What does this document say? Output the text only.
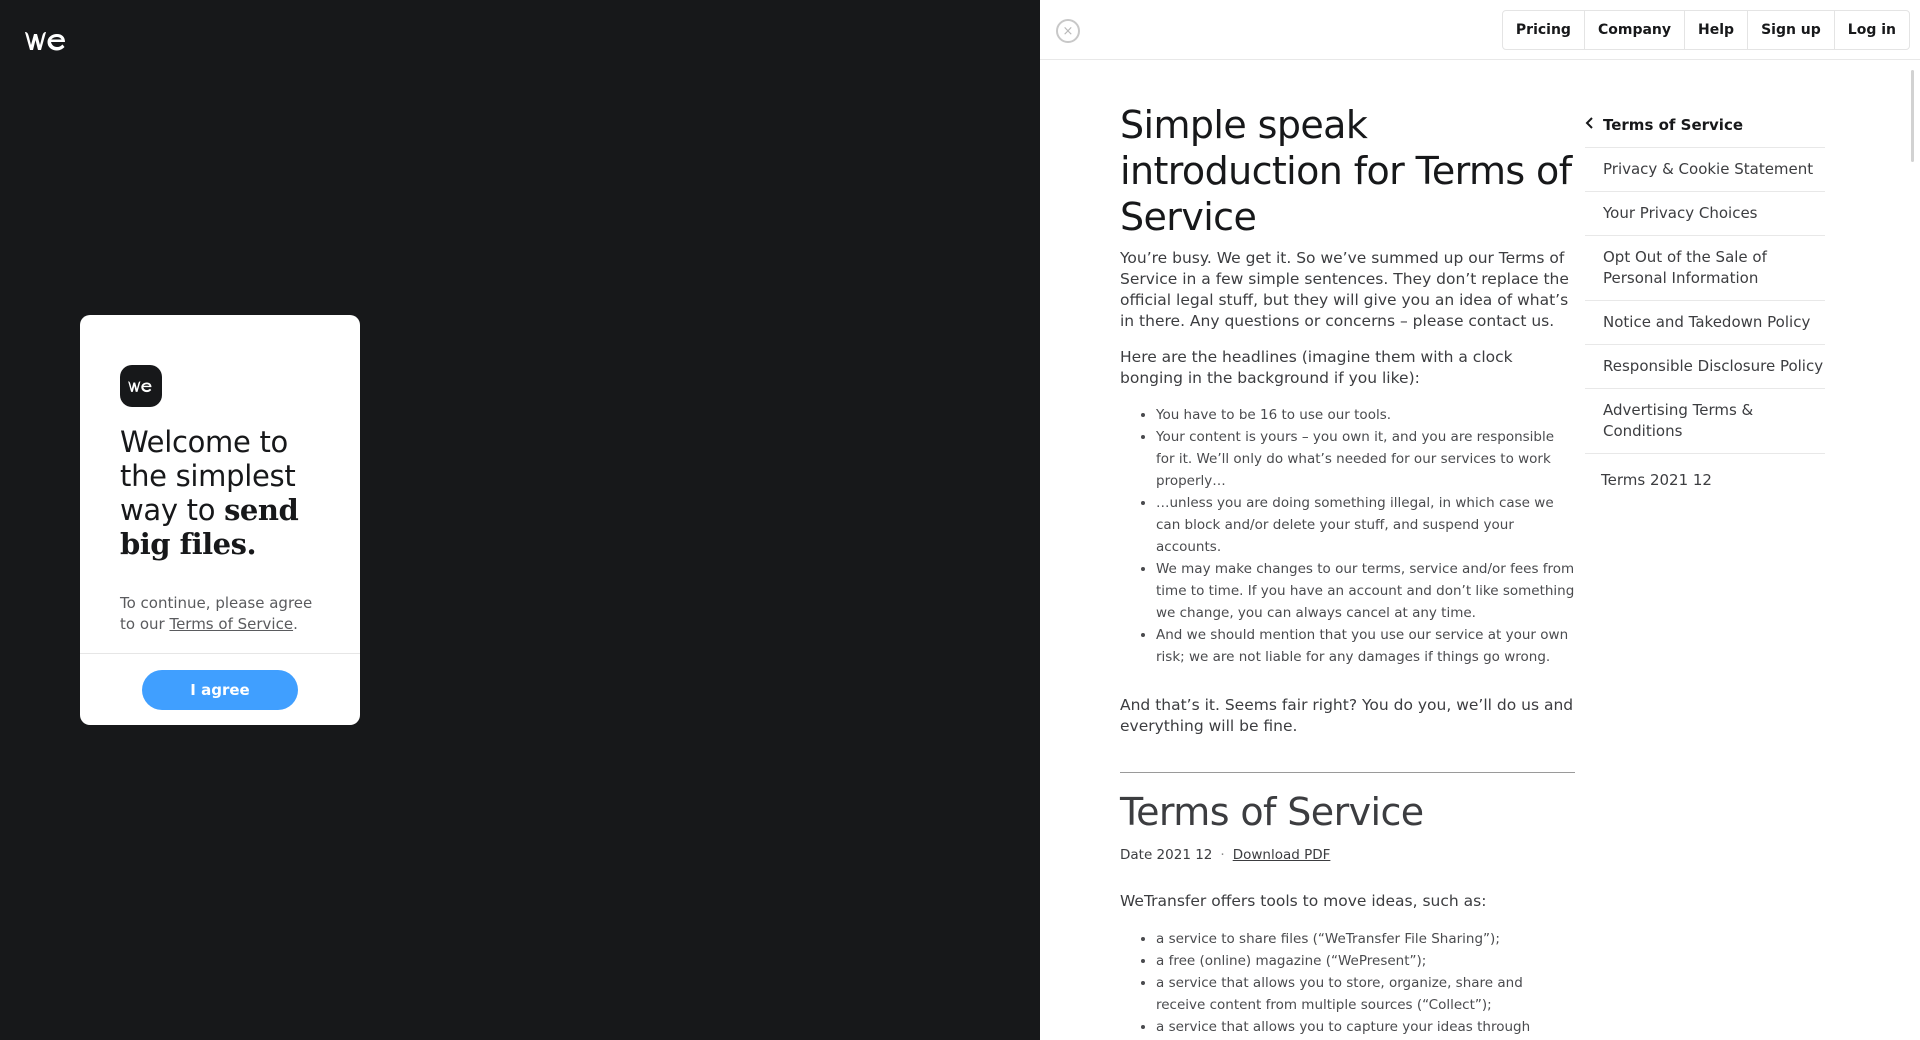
Welcome to the simplest way to send big files.

To continue, please agree to our Terms of Service.

I agree
×	Pricing	Company	Help	Sign up	Log in
Simple speak introduction for Terms of Service

You’re busy. We get it. So we’ve summed up our Terms of Service in a few simple sentences. They don’t replace the official legal stuff, but they will give you an idea of what’s in there. Any questions or concerns – please contact us.

Here are the headlines (imagine them with a clock bonging in the background if you like):

• You have to be 16 to use our tools.
• Your content is yours – you own it, and you are responsible for it. We’ll only do what’s needed for our services to work properly…
• …unless you are doing something illegal, in which case we can block and/or delete your stuff, and suspend your accounts.
• We may make changes to our terms, service and/or fees from time to time. If you have an account and don’t like something we change, you can always cancel at any time.
• And we should mention that you use our service at your own risk; we are not liable for any damages if things go wrong.

And that’s it. Seems fair right? You do you, we’ll do us and everything will be fine.

Terms of Service
Date 2021 12 · Download PDF

WeTransfer offers tools to move ideas, such as:

• a service to share files (“WeTransfer File Sharing”);
• a free (online) magazine (“WePresent”);
• a service that allows you to store, organize, share and receive content from multiple sources (“Collect”);
• a service that allows you to capture your ideas through
Terms of Service
Privacy & Cookie Statement
Your Privacy Choices
Opt Out of the Sale of Personal Information
Notice and Takedown Policy
Responsible Disclosure Policy
Advertising Terms & Conditions
Terms 2021 12
